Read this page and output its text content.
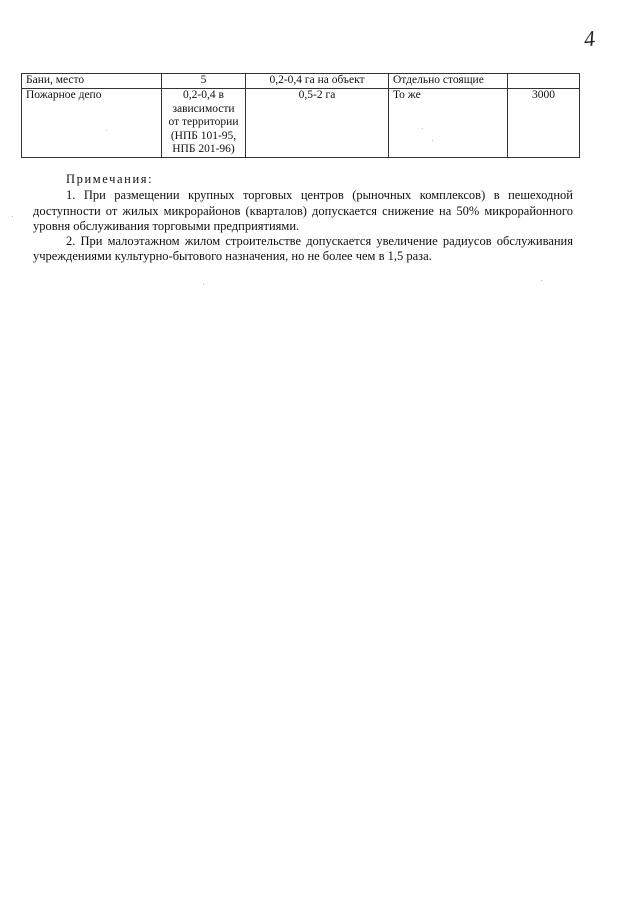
4
Бани, место	5	0,2-0,4 га на объект	Отдельно стоящие	
Пожарное депо	0,2-0,4 в
зависимости
от территории
(НПБ 101-95,
НПБ 201-96)	0,5-2 га	То же	3000

Примечания:

1. При размещении крупных торговых центров (рыночных комплексов) в пешеходной доступности от жилых микрорайонов (кварталов) допускается снижение на 50% микрорайонного уровня обслуживания торговыми предприятиями.

2. При малоэтажном жилом строительстве допускается увеличение радиусов обслуживания учреждениями культурно-бытового назначения, но не более чем в 1,5 раза.
